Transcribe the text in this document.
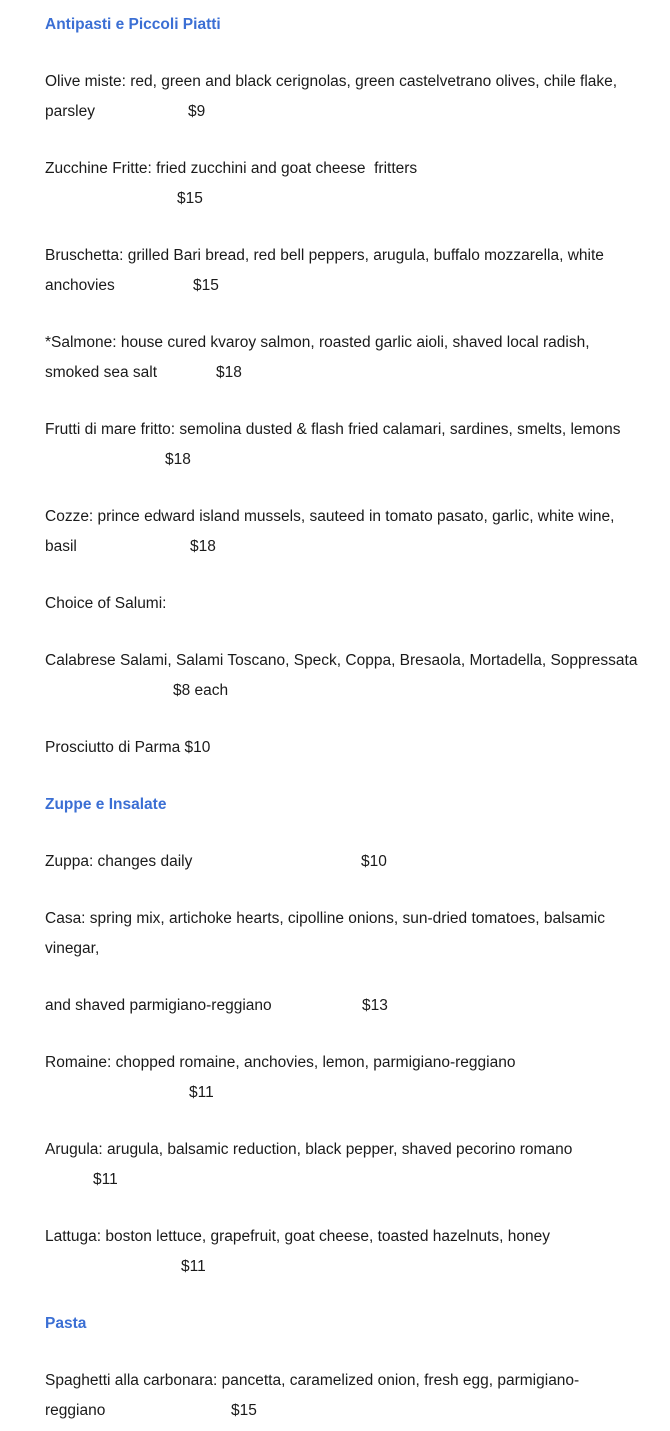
Antipasti e Piccoli Piatti
Olive miste: red, green and black cerignolas, green castelvetrano olives, chile flake,
parsley	$9
Zucchine Fritte: fried zucchini and goat cheese  fritters
$15
Bruschetta: grilled Bari bread, red bell peppers, arugula, buffalo mozzarella, white
anchovies	$15
*Salmone: house cured kvaroy salmon, roasted garlic aioli, shaved local radish,
smoked sea salt	$18
Frutti di mare fritto: semolina dusted & flash fried calamari, sardines, smelts, lemons
$18
Cozze: prince edward island mussels, sauteed in tomato pasato, garlic, white wine,
basil	$18
Choice of Salumi:
Calabrese Salami, Salami Toscano, Speck, Coppa, Bresaola, Mortadella, Soppressata
$8 each
Prosciutto di Parma $10
Zuppe e Insalate
Zuppa: changes daily	$10
Casa: spring mix, artichoke hearts, cipolline onions, sun-dried tomatoes, balsamic
vinegar,
and shaved parmigiano-reggiano	$13
Romaine: chopped romaine, anchovies, lemon, parmigiano-reggiano
$11
Arugula: arugula, balsamic reduction, black pepper, shaved pecorino romano
$11
Lattuga: boston lettuce, grapefruit, goat cheese, toasted hazelnuts, honey
$11
Pasta
Spaghetti alla carbonara: pancetta, caramelized onion, fresh egg, parmigiano-
reggiano	$15
